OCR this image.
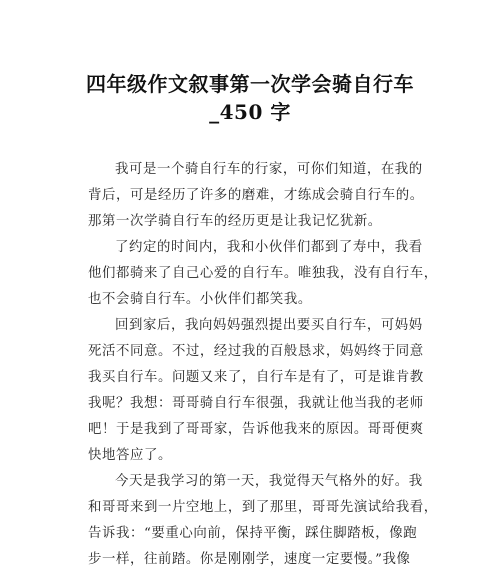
四年级作文叙事第一次学会骑自行车
_450 字
我可是一个骑自行车的行家，可你们知道，在我的
背后，可是经历了许多的磨难，才练成会骑自行车的。
那第一次学骑自行车的经历更是让我记忆犹新。
了约定的时间内，我和小伙伴们都到了寿中，我看
他们都骑来了自己心爱的自行车。唯独我，没有自行车，
也不会骑自行车。小伙伴们都笑我。
回到家后，我向妈妈强烈提出要买自行车，可妈妈
死活不同意。不过，经过我的百般恳求，妈妈终于同意
我买自行车。问题又来了，自行车是有了，可是谁肯教
我呢？我想：哥哥骑自行车很强，我就让他当我的老师
吧！于是我到了哥哥家，告诉他我来的原因。哥哥便爽
快地答应了。
今天是我学习的第一天，我觉得天气格外的好。我
和哥哥来到一片空地上，到了那里，哥哥先演试给我看，
告诉我：“要重心向前，保持平衡，踩住脚踏板，像跑
步一样，往前踏。你是刚刚学，速度一定要慢。”我像
